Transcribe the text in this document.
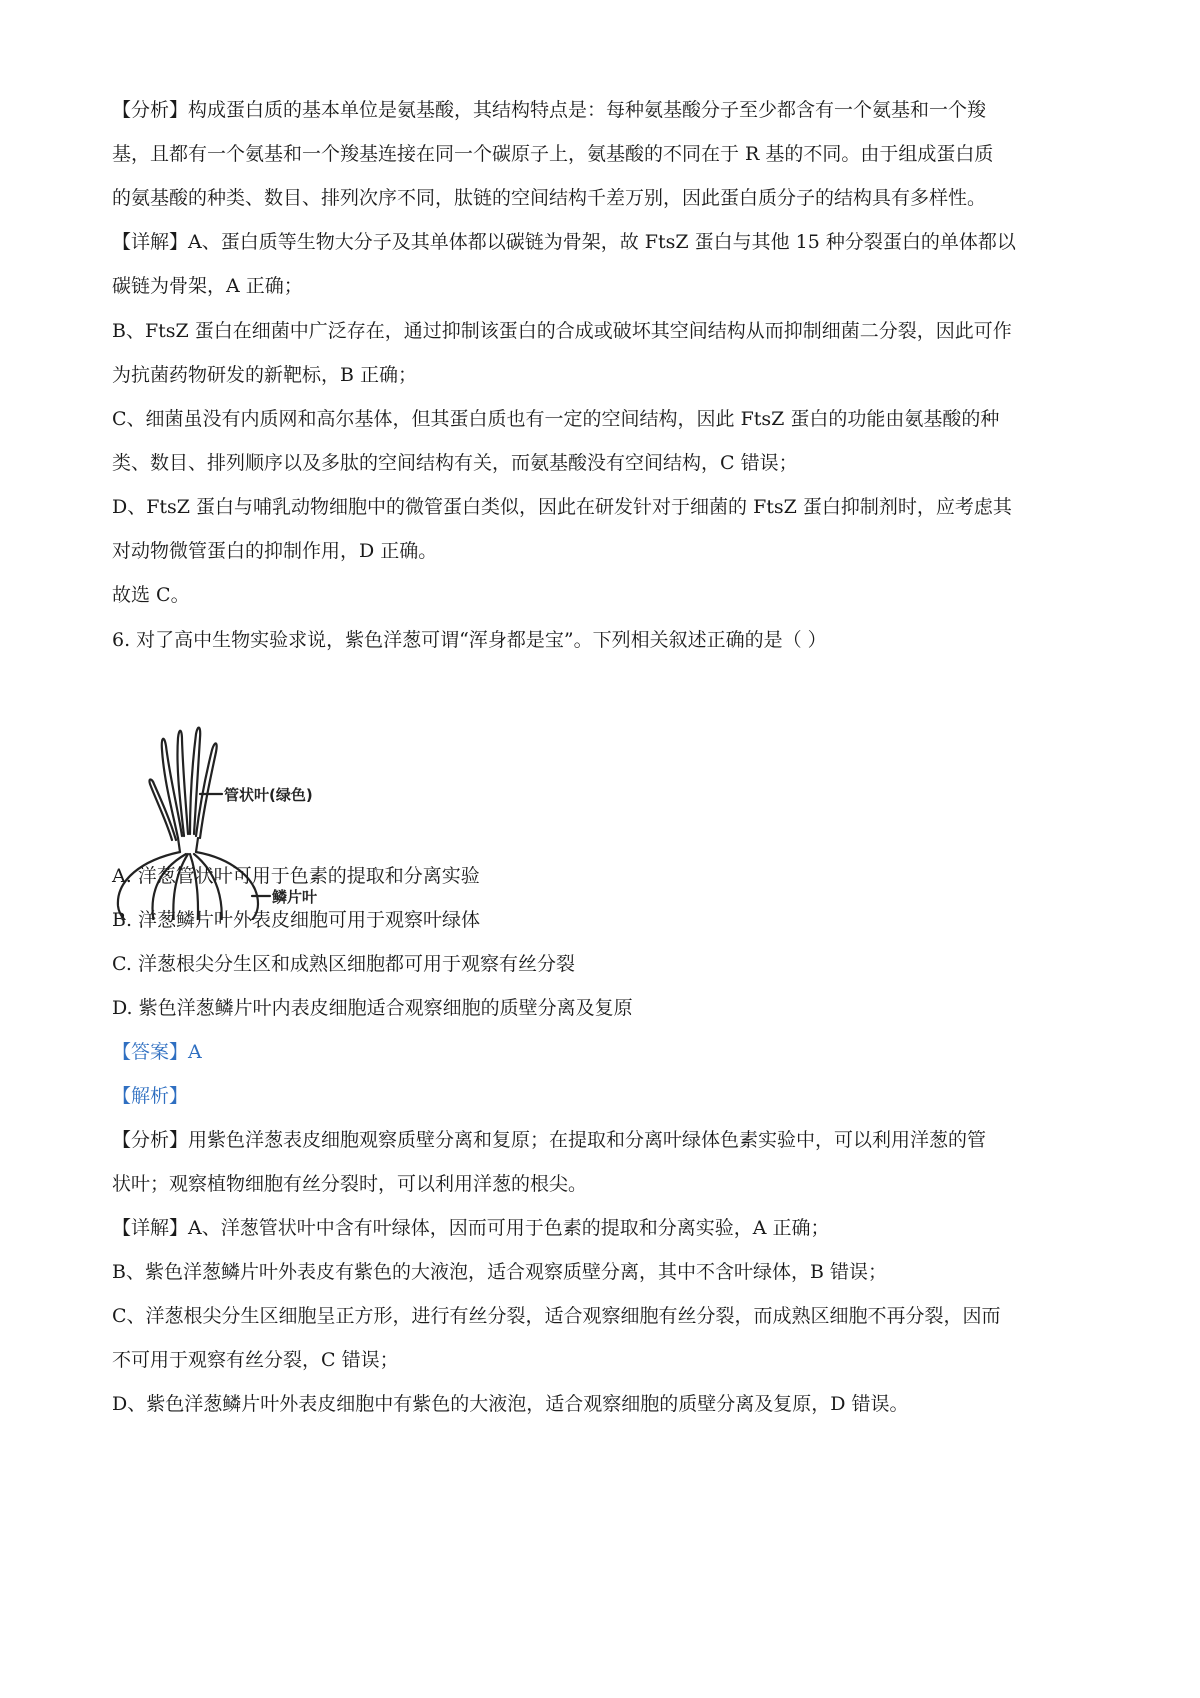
【分析】构成蛋白质的基本单位是氨基酸，其结构特点是：每种氨基酸分子至少都含有一个氨基和一个羧

基，且都有一个氨基和一个羧基连接在同一个碳原子上，氨基酸的不同在于 R 基的不同。由于组成蛋白质

的氨基酸的种类、数目、排列次序不同，肽链的空间结构千差万别，因此蛋白质分子的结构具有多样性。

【详解】A、蛋白质等生物大分子及其单体都以碳链为骨架，故 FtsZ 蛋白与其他 15 种分裂蛋白的单体都以

碳链为骨架，A 正确；

B、FtsZ 蛋白在细菌中广泛存在，通过抑制该蛋白的合成或破坏其空间结构从而抑制细菌二分裂，因此可作

为抗菌药物研发的新靶标，B 正确；

C、细菌虽没有内质网和高尔基体，但其蛋白质也有一定的空间结构，因此 FtsZ 蛋白的功能由氨基酸的种

类、数目、排列顺序以及多肽的空间结构有关，而氨基酸没有空间结构，C 错误；

D、FtsZ 蛋白与哺乳动物细胞中的微管蛋白类似，因此在研发针对于细菌的 FtsZ 蛋白抑制剂时，应考虑其

对动物微管蛋白的抑制作用，D 正确。

故选 C。

6. 对了高中生物实验求说，紫色洋葱可谓“浑身都是宝”。下列相关叙述正确的是（ ）

管状叶(绿色)
鳞片叶

A. 洋葱管状叶可用于色素的提取和分离实验

B. 洋葱鳞片叶外表皮细胞可用于观察叶绿体

C. 洋葱根尖分生区和成熟区细胞都可用于观察有丝分裂

D. 紫色洋葱鳞片叶内表皮细胞适合观察细胞的质壁分离及复原

【答案】A

【解析】

【分析】用紫色洋葱表皮细胞观察质壁分离和复原；在提取和分离叶绿体色素实验中，可以利用洋葱的管

状叶；观察植物细胞有丝分裂时，可以利用洋葱的根尖。

【详解】A、洋葱管状叶中含有叶绿体，因而可用于色素的提取和分离实验，A 正确；

B、紫色洋葱鳞片叶外表皮有紫色的大液泡，适合观察质壁分离，其中不含叶绿体，B 错误；

C、洋葱根尖分生区细胞呈正方形，进行有丝分裂，适合观察细胞有丝分裂，而成熟区细胞不再分裂，因而

不可用于观察有丝分裂，C 错误；

D、紫色洋葱鳞片叶外表皮细胞中有紫色的大液泡，适合观察细胞的质壁分离及复原，D 错误。
